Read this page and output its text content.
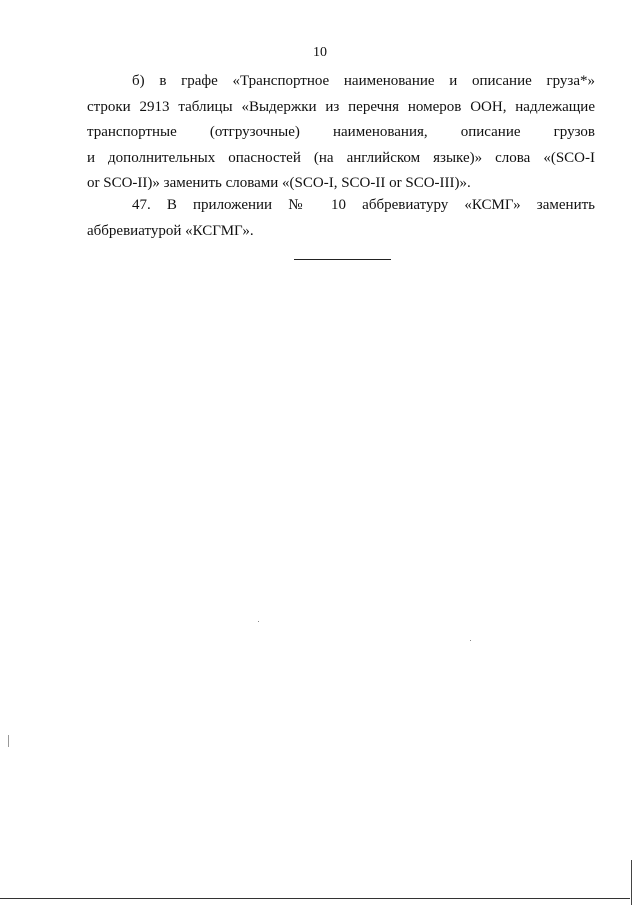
10
б) в графе «Транспортное наименование и описание груза*»
строки 2913 таблицы «Выдержки из перечня номеров ООН, надлежащие
транспортные (отгрузочные) наименования, описание грузов
и дополнительных опасностей (на английском языке)» слова «(SCO-I
or SCO-II)» заменить словами «(SCO-I, SCO-II or SCO-III)».
47. В приложении № 10 аббревиатуру «КСМГ» заменить
аббревиатурой «КСГМГ».
